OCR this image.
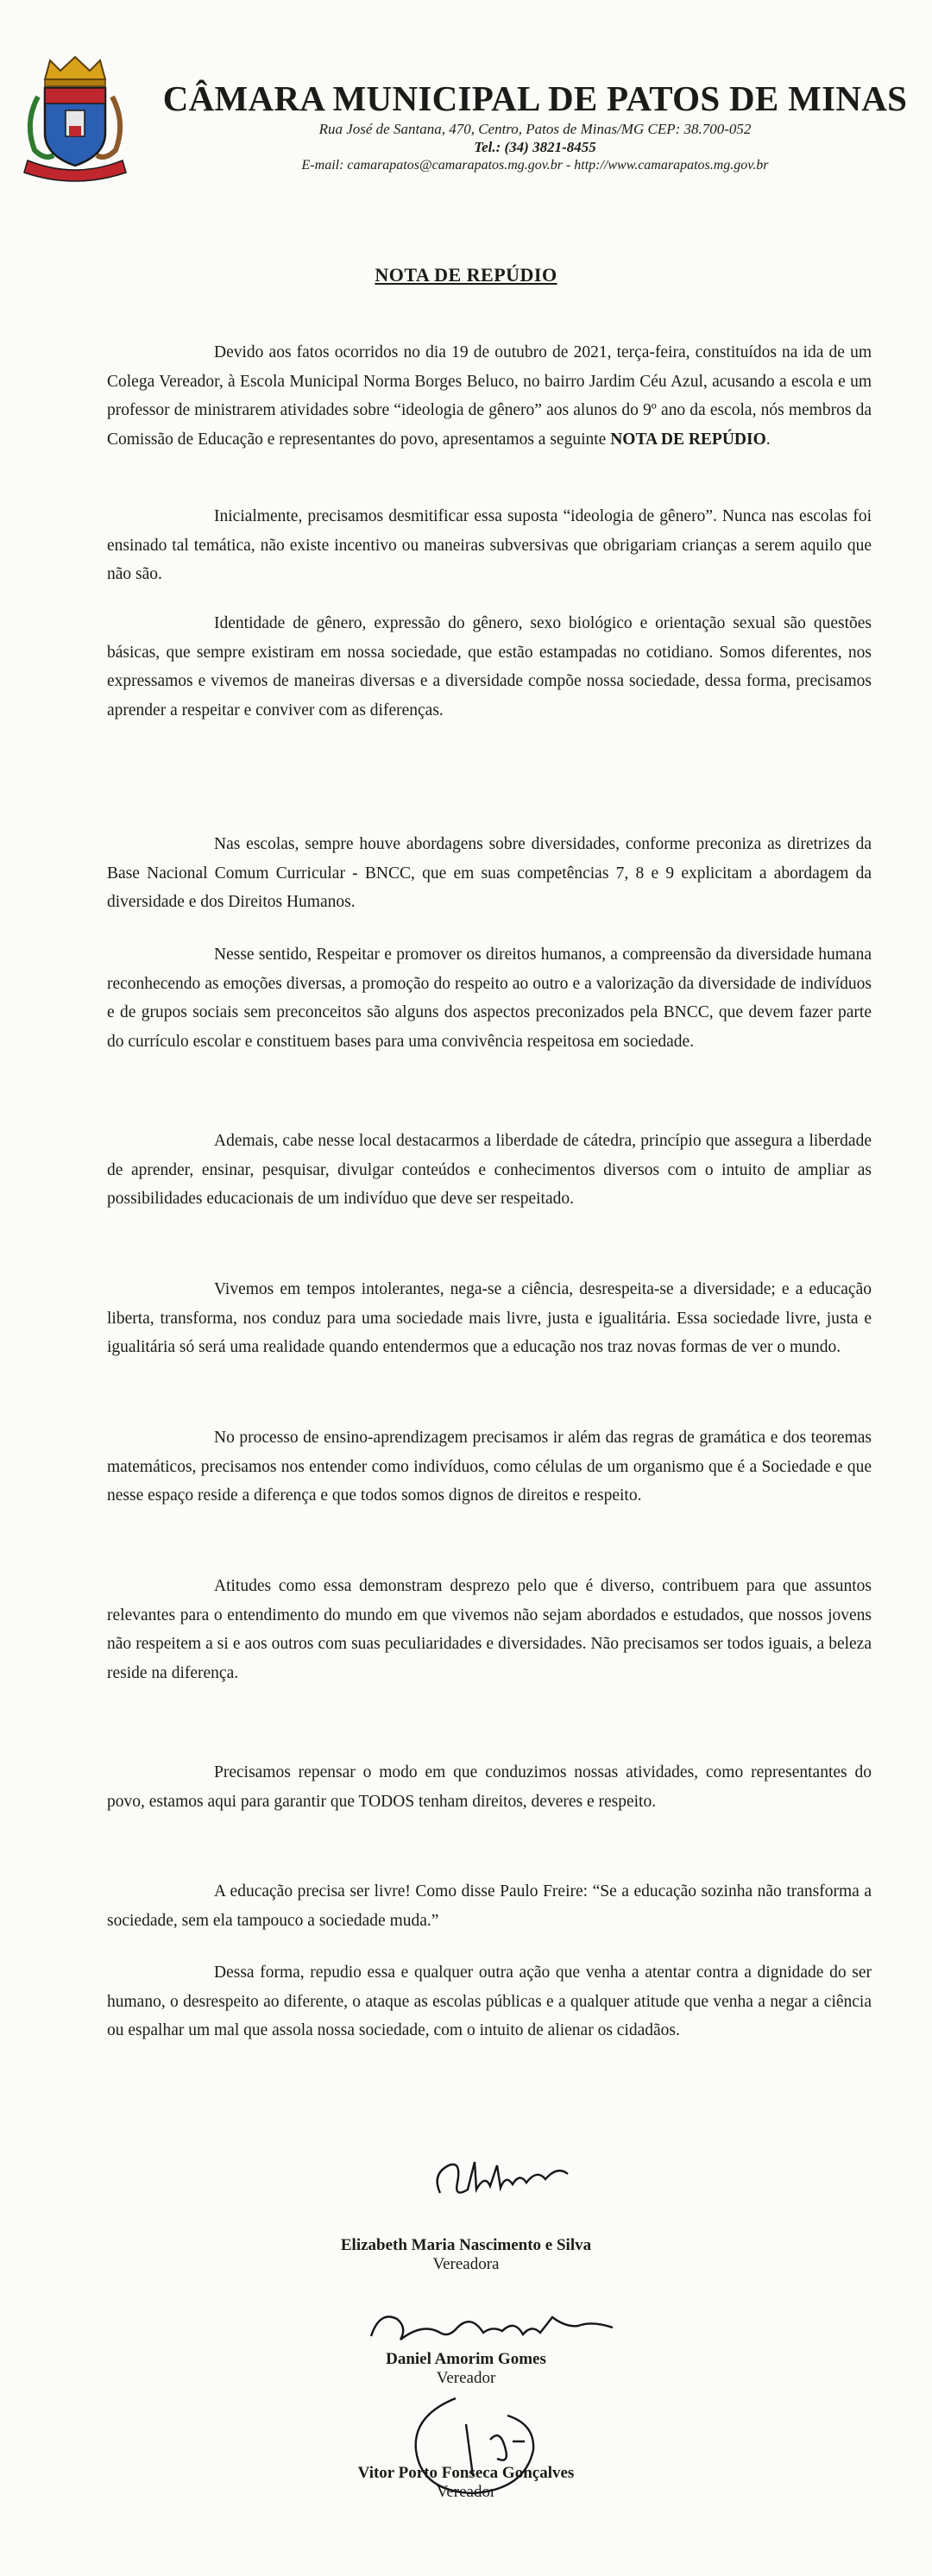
CÂMARA MUNICIPAL DE PATOS DE MINAS
Rua José de Santana, 470, Centro, Patos de Minas/MG CEP: 38.700-052
Tel.: (34) 3821-8455
E-mail: camarapatos@camarapatos.mg.gov.br - http://www.camarapatos.mg.gov.br
NOTA DE REPÚDIO

Devido aos fatos ocorridos no dia 19 de outubro de 2021, terça-feira, constituídos na ida de um Colega Vereador, à Escola Municipal Norma Borges Beluco, no bairro Jardim Céu Azul, acusando a escola e um professor de ministrarem atividades sobre “ideologia de gênero” aos alunos do 9º ano da escola, nós membros da Comissão de Educação e representantes do povo, apresentamos a seguinte NOTA DE REPÚDIO.

Inicialmente, precisamos desmitificar essa suposta “ideologia de gênero”. Nunca nas escolas foi ensinado tal temática, não existe incentivo ou maneiras subversivas que obrigariam crianças a serem aquilo que não são.

Identidade de gênero, expressão do gênero, sexo biológico e orientação sexual são questões básicas, que sempre existiram em nossa sociedade, que estão estampadas no cotidiano. Somos diferentes, nos expressamos e vivemos de maneiras diversas e a diversidade compõe nossa sociedade, dessa forma, precisamos aprender a respeitar e conviver com as diferenças.

Nas escolas, sempre houve abordagens sobre diversidades, conforme preconiza as diretrizes da Base Nacional Comum Curricular - BNCC, que em suas competências 7, 8 e 9 explicitam a abordagem da diversidade e dos Direitos Humanos.

Nesse sentido, Respeitar e promover os direitos humanos, a compreensão da diversidade humana reconhecendo as emoções diversas, a promoção do respeito ao outro e a valorização da diversidade de indivíduos e de grupos sociais sem preconceitos são alguns dos aspectos preconizados pela BNCC, que devem fazer parte do currículo escolar e constituem bases para uma convivência respeitosa em sociedade.

Ademais, cabe nesse local destacarmos a liberdade de cátedra, princípio que assegura a liberdade de aprender, ensinar, pesquisar, divulgar conteúdos e conhecimentos diversos com o intuito de ampliar as possibilidades educacionais de um indivíduo que deve ser respeitado.

Vivemos em tempos intolerantes, nega-se a ciência, desrespeita-se a diversidade; e a educação liberta, transforma, nos conduz para uma sociedade mais livre, justa e igualitária. Essa sociedade livre, justa e igualitária só será uma realidade quando entendermos que a educação nos traz novas formas de ver o mundo.

No processo de ensino-aprendizagem precisamos ir além das regras de gramática e dos teoremas matemáticos, precisamos nos entender como indivíduos, como células de um organismo que é a Sociedade e que nesse espaço reside a diferença e que todos somos dignos de direitos e respeito.

Atitudes como essa demonstram desprezo pelo que é diverso, contribuem para que assuntos relevantes para o entendimento do mundo em que vivemos não sejam abordados e estudados, que nossos jovens não respeitem a si e aos outros com suas peculiaridades e diversidades. Não precisamos ser todos iguais, a beleza reside na diferença.

Precisamos repensar o modo em que conduzimos nossas atividades, como representantes do povo, estamos aqui para garantir que TODOS tenham direitos, deveres e respeito.

A educação precisa ser livre! Como disse Paulo Freire: “Se a educação sozinha não transforma a sociedade, sem ela tampouco a sociedade muda.”

Dessa forma, repudio essa e qualquer outra ação que venha a atentar contra a dignidade do ser humano, o desrespeito ao diferente, o ataque as escolas públicas e a qualquer atitude que venha a negar a ciência ou espalhar um mal que assola nossa sociedade, com o intuito de alienar os cidadãos.

Elizabeth Maria Nascimento e Silva
Vereadora
Daniel Amorim Gomes
Vereador
Vitor Porto Fonseca Gonçalves
Vereador
